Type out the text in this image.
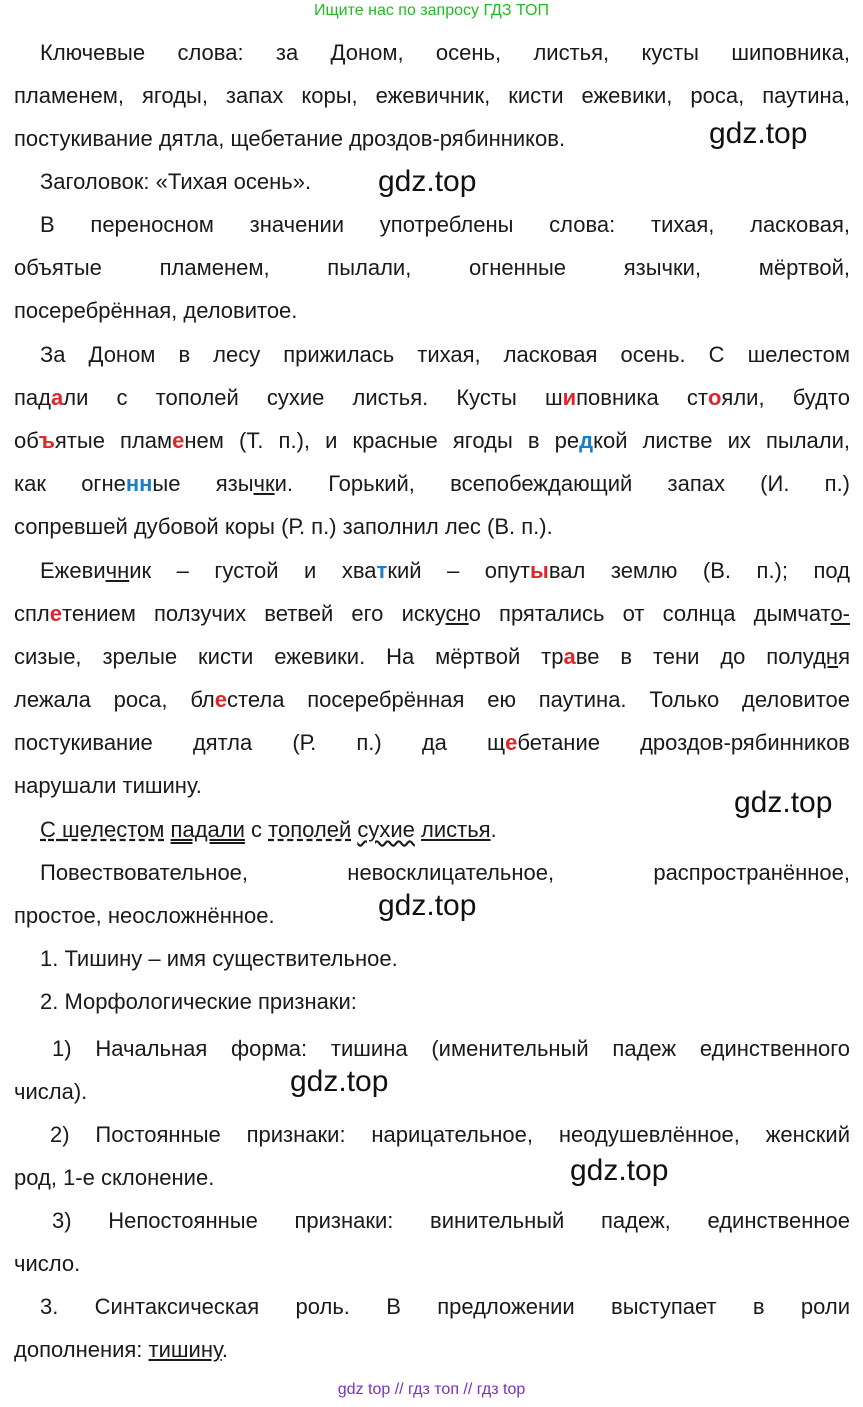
Ищите нас по запросу ГДЗ ТОП
Ключевые слова: за Доном, осень, листья, кусты шиповника,
пламенем, ягоды, запах коры, ежевичник, кисти ежевики, роса, паутина,
постукивание дятла, щебетание дроздов-рябинников.
Заголовок: «Тихая осень».
В переносном значении употреблены слова: тихая, ласковая,
объятые пламенем, пылали, огненные язычки, мёртвой,
посеребрённая, деловитое.
За Доном в лесу прижилась тихая, ласковая осень. С шелестом
падали с тополей сухие листья. Кусты шиповника стояли, будто
объятые пламенем (Т. п.), и красные ягоды в редкой листве их пылали,
как огненные язычки. Горький, всепобеждающий запах (И. п.)
сопревшей дубовой коры (Р. п.) заполнил лес (В. п.).
Ежевичник – густой и хваткий – опутывал землю (В. п.); под
сплетением ползучих ветвей его искусно прятались от солнца дымчато-
сизые, зрелые кисти ежевики. На мёртвой траве в тени до полудня
лежала роса, блестела посеребрённая ею паутина. Только деловитое
постукивание дятла (Р. п.) да щебетание дроздов-рябинников
нарушали тишину.
С шелестом падали с тополей сухие листья.
Повествовательное, невосклицательное, распространённое,
простое, неосложнённое.
1. Тишину – имя существительное.
2. Морфологические признаки:
1) Начальная форма: тишина (именительный падеж единственного
числа).
2) Постоянные признаки: нарицательное, неодушевлённое, женский
род, 1-е склонение.
3) Непостоянные признаки: винительный падеж, единственное
число.
3. Синтаксическая роль. В предложении выступает в роли
дополнения: тишину.
gdz.top
gdz.top
gdz.top
gdz.top
gdz.top
gdz.top
gdz top // гдз топ // гдз top
